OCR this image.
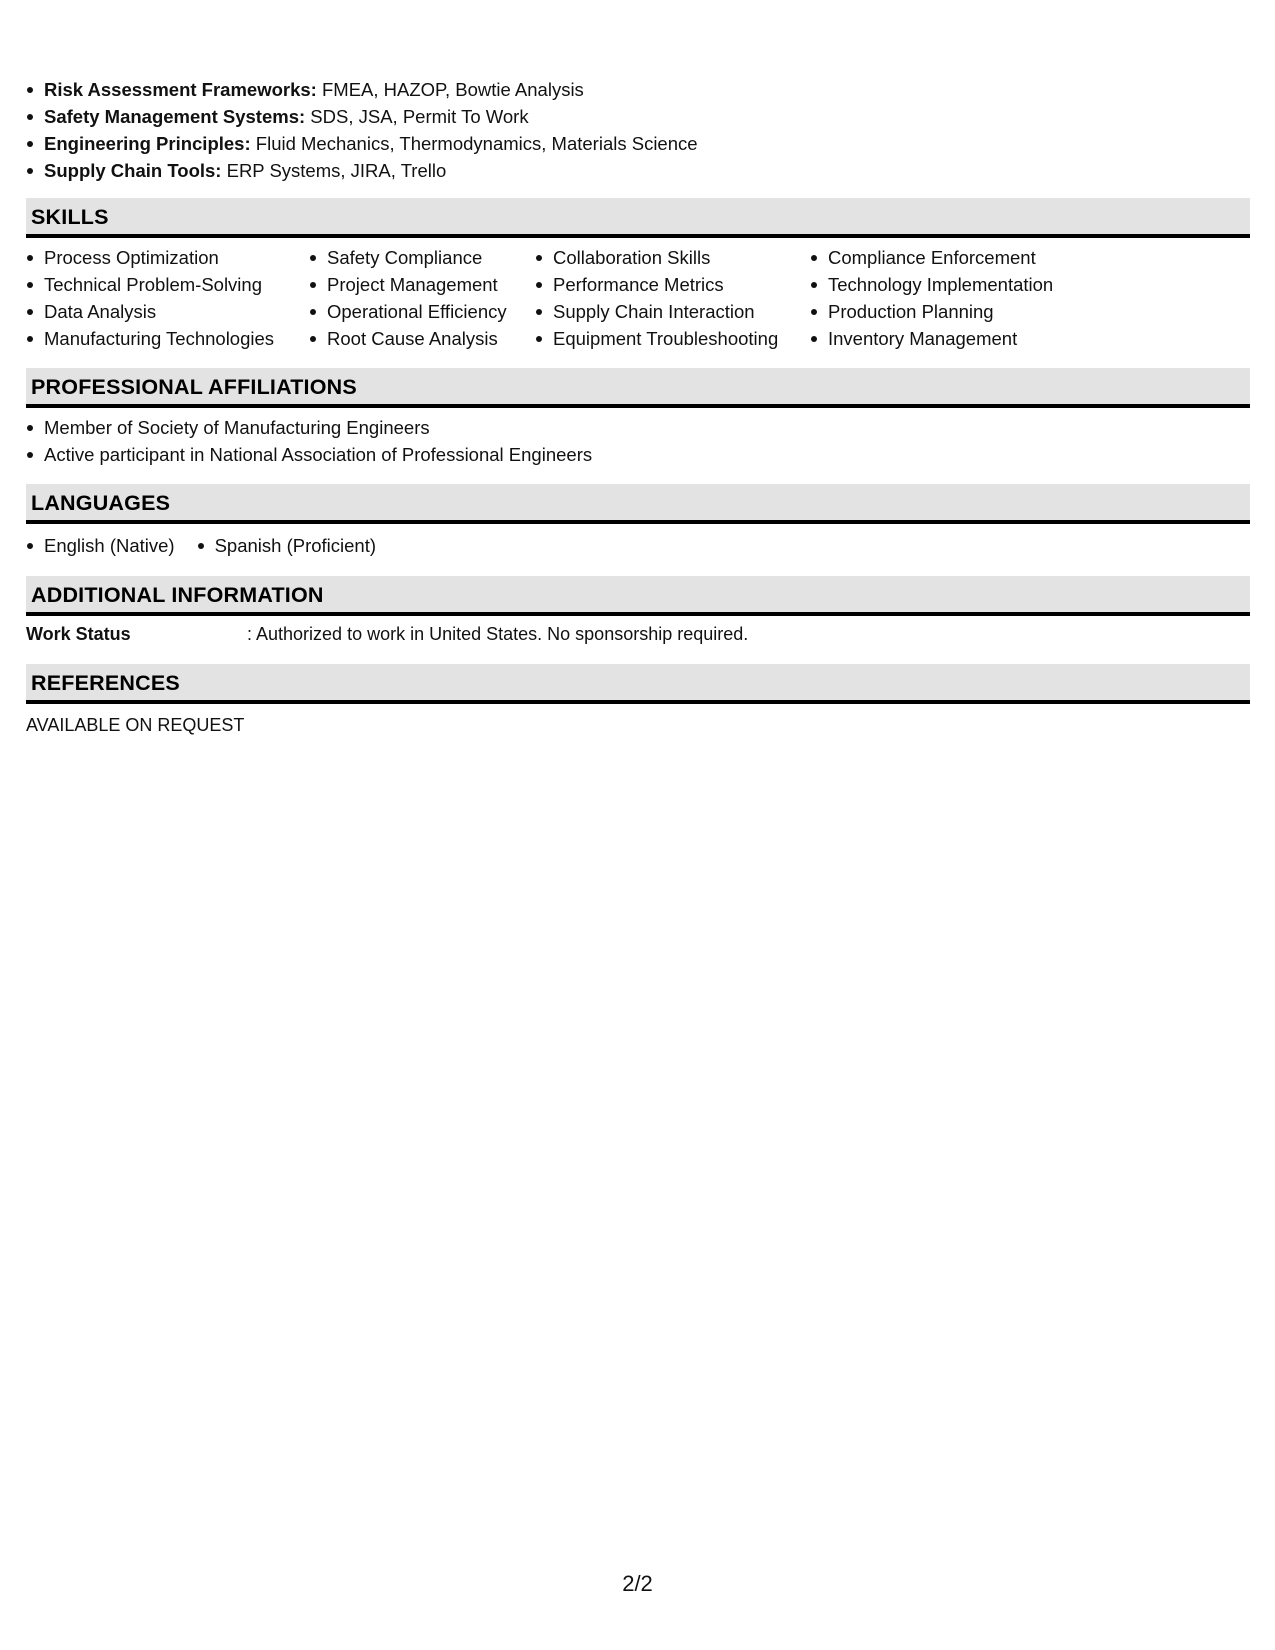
Risk Assessment Frameworks: FMEA, HAZOP, Bowtie Analysis
Safety Management Systems: SDS, JSA, Permit To Work
Engineering Principles: Fluid Mechanics, Thermodynamics, Materials Science
Supply Chain Tools: ERP Systems, JIRA, Trello
SKILLS
Process Optimization
Technical Problem-Solving
Data Analysis
Manufacturing Technologies
Safety Compliance
Project Management
Operational Efficiency
Root Cause Analysis
Collaboration Skills
Performance Metrics
Supply Chain Interaction
Equipment Troubleshooting
Compliance Enforcement
Technology Implementation
Production Planning
Inventory Management
PROFESSIONAL AFFILIATIONS
Member of Society of Manufacturing Engineers
Active participant in National Association of Professional Engineers
LANGUAGES
English (Native)	Spanish (Proficient)
ADDITIONAL INFORMATION
Work Status	: Authorized to work in United States. No sponsorship required.
REFERENCES
AVAILABLE ON REQUEST
2/2
